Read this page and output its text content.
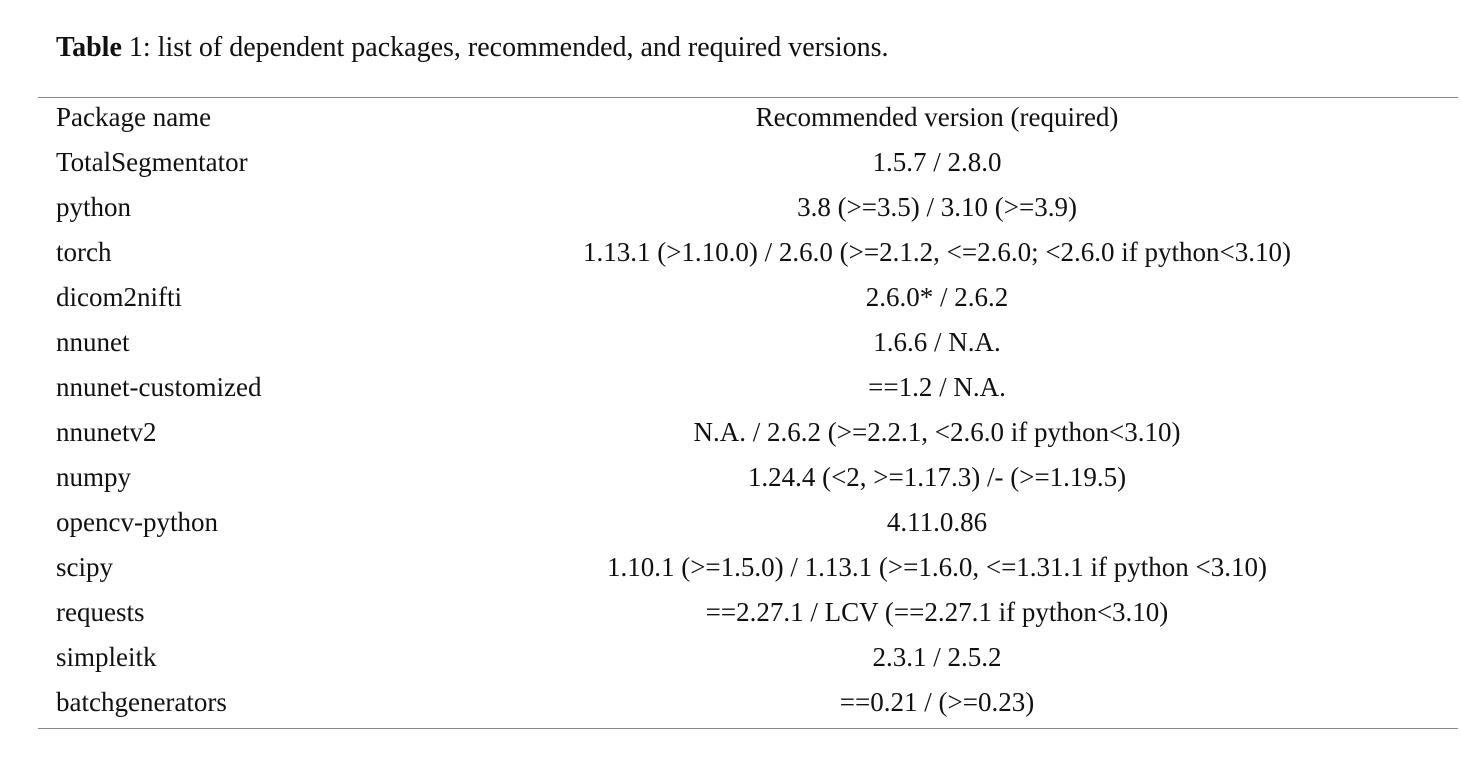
Table 1: list of dependent packages, recommended, and required versions.
Package name	Recommended version (required)
TotalSegmentator	1.5.7 / 2.8.0
python	3.8 (>=3.5) / 3.10 (>=3.9)
torch	1.13.1 (>1.10.0) / 2.6.0 (>=2.1.2, <=2.6.0; <2.6.0 if python<3.10)
dicom2nifti	2.6.0* / 2.6.2
nnunet	1.6.6 / N.A.
nnunet-customized	==1.2 / N.A.
nnunetv2	N.A. / 2.6.2 (>=2.2.1, <2.6.0 if python<3.10)
numpy	1.24.4 (<2, >=1.17.3) /- (>=1.19.5)
opencv-python	4.11.0.86
scipy	1.10.1 (>=1.5.0) / 1.13.1 (>=1.6.0, <=1.31.1 if python <3.10)
requests	==2.27.1 / LCV (==2.27.1 if python<3.10)
simpleitk	2.3.1 / 2.5.2
batchgenerators	==0.21 / (>=0.23)
